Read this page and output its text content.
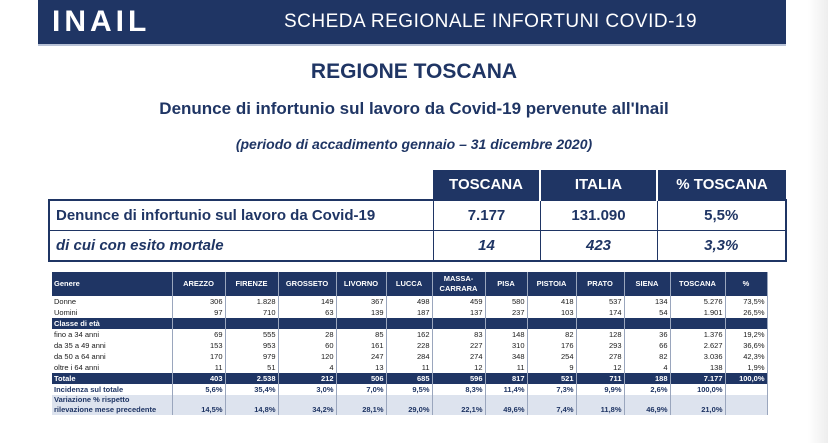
INAIL	SCHEDA REGIONALE INFORTUNI COVID-19
REGIONE TOSCANA
Denunce di infortunio sul lavoro da Covid-19 pervenute all'Inail
(periodo di accadimento gennaio – 31 dicembre 2020)
	TOSCANA	ITALIA	% TOSCANA
Denunce di infortunio sul lavoro da Covid-19	7.177	131.090	5,5%
di cui con esito mortale	14	423	3,3%
Genere	AREZZO	FIRENZE	GROSSETO	LIVORNO	LUCCA	MASSA-CARRARA	PISA	PISTOIA	PRATO	SIENA	TOSCANA	%
Donne	306	1.828	149	367	498	459	580	418	537	134	5.276	73,5%
Uomini	97	710	63	139	187	137	237	103	174	54	1.901	26,5%
Classe di età												
fino a 34 anni	69	555	28	85	162	83	148	82	128	36	1.376	19,2%
da 35 a 49 anni	153	953	60	161	228	227	310	176	293	66	2.627	36,6%
da 50 a 64 anni	170	979	120	247	284	274	348	254	278	82	3.036	42,3%
oltre i 64 anni	11	51	4	13	11	12	11	9	12	4	138	1,9%
Totale	403	2.538	212	506	685	596	817	521	711	188	7.177	100,0%
Incidenza sul totale	5,6%	35,4%	3,0%	7,0%	9,5%	8,3%	11,4%	7,3%	9,9%	2,6%	100,0%	
Variazione % rispetto rilevazione mese precedente	14,5%	14,8%	34,2%	28,1%	29,0%	22,1%	49,6%	7,4%	11,8%	46,9%	21,0%	
